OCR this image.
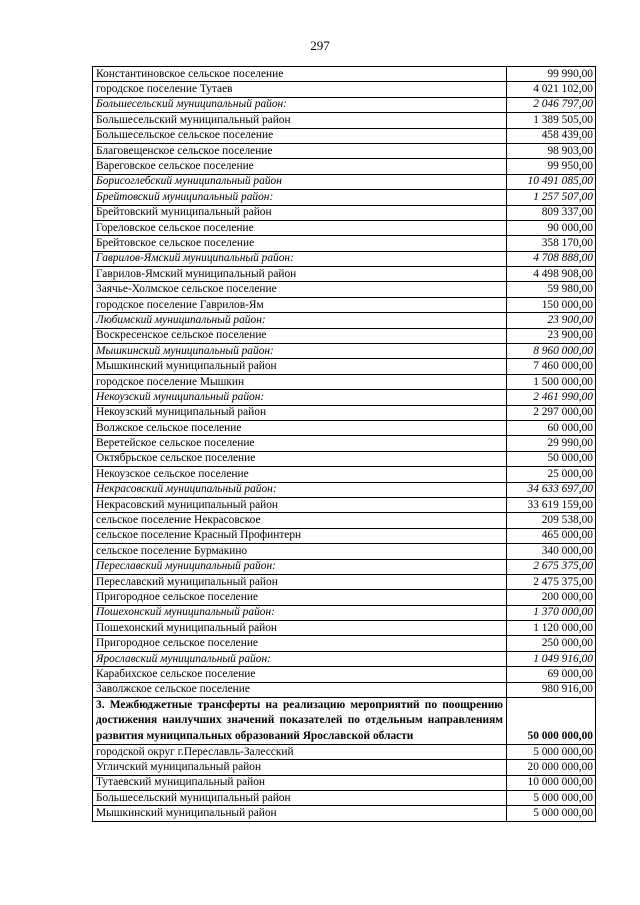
297
Константиновское сельское поселение	99 990,00
городское поселение Тутаев	4 021 102,00
Большесельский муниципальный район:	2 046 797,00
Большесельский муниципальный район	1 389 505,00
Большесельское сельское поселение	458 439,00
Благовещенское сельское поселение	98 903,00
Вареговское сельское поселение	99 950,00
Борисоглебский муниципальный район	10 491 085,00
Брейтовский муниципальный район:	1 257 507,00
Брейтовский муниципальный район	809 337,00
Гореловское сельское поселение	90 000,00
Брейтовское сельское поселение	358 170,00
Гаврилов-Ямский муниципальный район:	4 708 888,00
Гаврилов-Ямский муниципальный район	4 498 908,00
Заячье-Холмское сельское поселение	59 980,00
городское поселение Гаврилов-Ям	150 000,00
Любимский муниципальный район:	23 900,00
Воскресенское сельское поселение	23 900,00
Мышкинский муниципальный район:	8 960 000,00
Мышкинский муниципальный район	7 460 000,00
городское поселение Мышкин	1 500 000,00
Некоузский муниципальный район:	2 461 990,00
Некоузский муниципальный район	2 297 000,00
Волжское сельское поселение	60 000,00
Веретейское сельское поселение	29 990,00
Октябрьское сельское поселение	50 000,00
Некоузское сельское поселение	25 000,00
Некрасовский муниципальный район:	34 633 697,00
Некрасовский муниципальный район	33 619 159,00
сельское поселение Некрасовское	209 538,00
сельское поселение Красный Профинтерн	465 000,00
сельское поселение Бурмакино	340 000,00
Переславский муниципальный район:	2 675 375,00
Переславский муниципальный район	2 475 375,00
Пригородное сельское поселение	200 000,00
Пошехонский муниципальный район:	1 370 000,00
Пошехонский муниципальный район	1 120 000,00
Пригородное сельское поселение	250 000,00
Ярославский муниципальный район:	1 049 916,00
Карабихское сельское поселение	69 000,00
Заволжское сельское поселение	980 916,00
3. Межбюджетные трансферты на реализацию мероприятий по поощрению достижения наилучших значений показателей по отдельным направлениям развития муниципальных образований Ярославской области	50 000 000,00
городской округ г.Переславль-Залесский	5 000 000,00
Угличский муниципальный район	20 000 000,00
Тутаевский муниципальный район	10 000 000,00
Большесельский муниципальный район	5 000 000,00
Мышкинский муниципальный район	5 000 000,00
